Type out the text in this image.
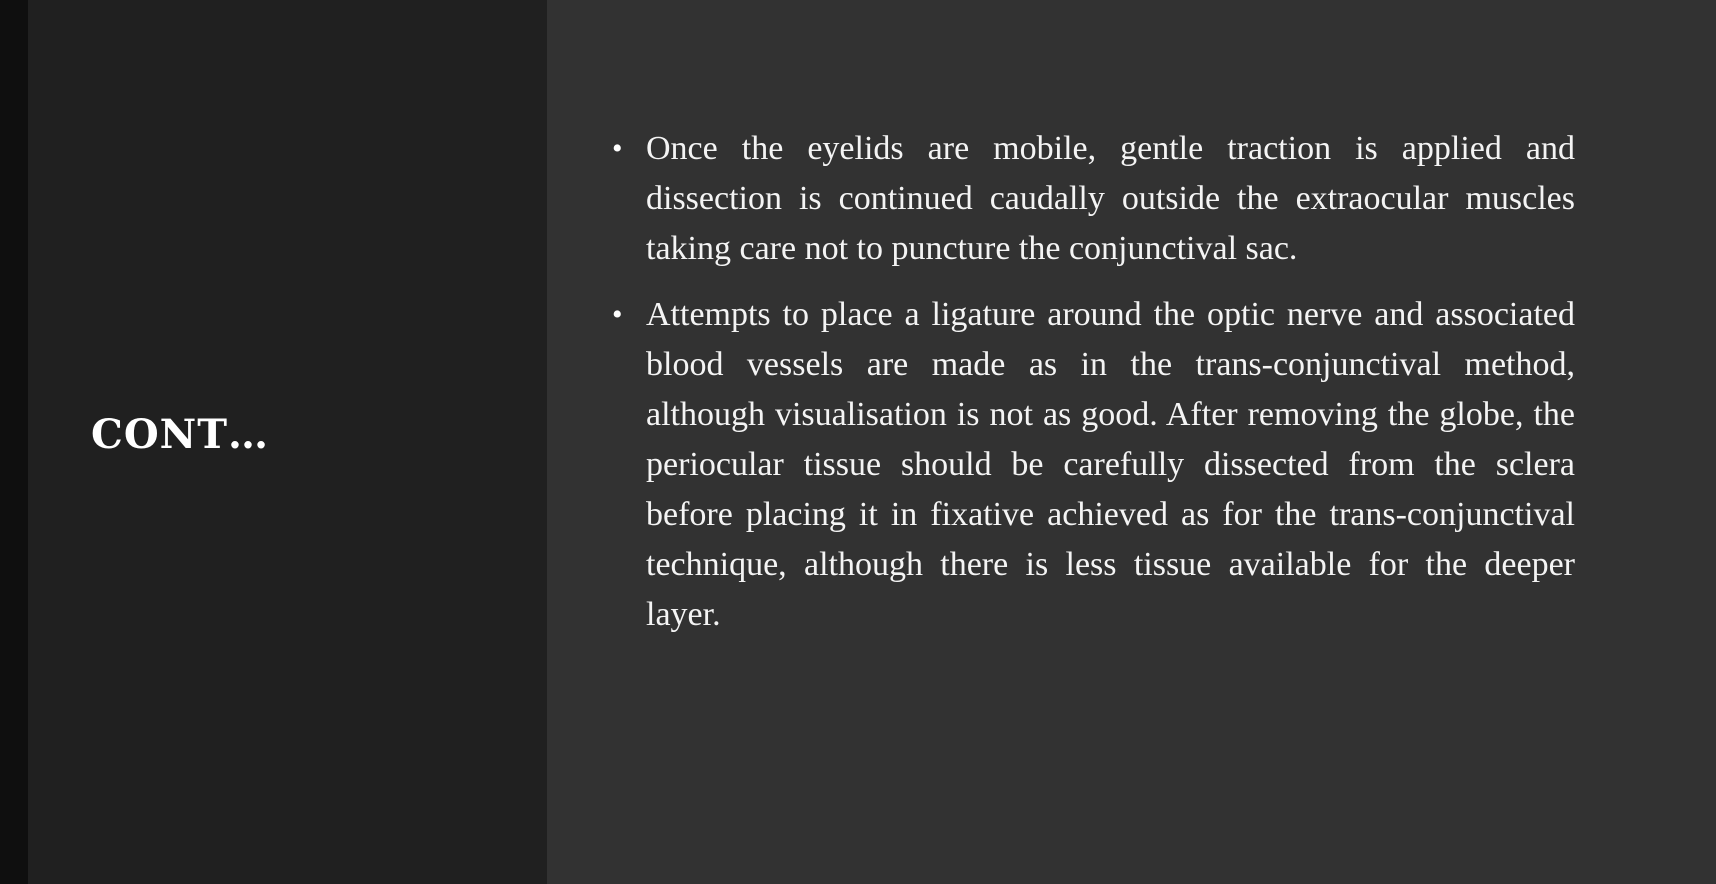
CONT…
• Once the eyelids are mobile, gentle traction is applied and dissection is continued caudally outside the extraocular muscles taking care not to puncture the conjunctival sac.

• Attempts to place a ligature around the optic nerve and associated blood vessels are made as in the trans-conjunctival method, although visualisation is not as good. After removing the globe, the periocular tissue should be carefully dissected from the sclera before placing it in fixative achieved as for the trans-conjunctival technique, although there is less tissue available for the deeper layer.
